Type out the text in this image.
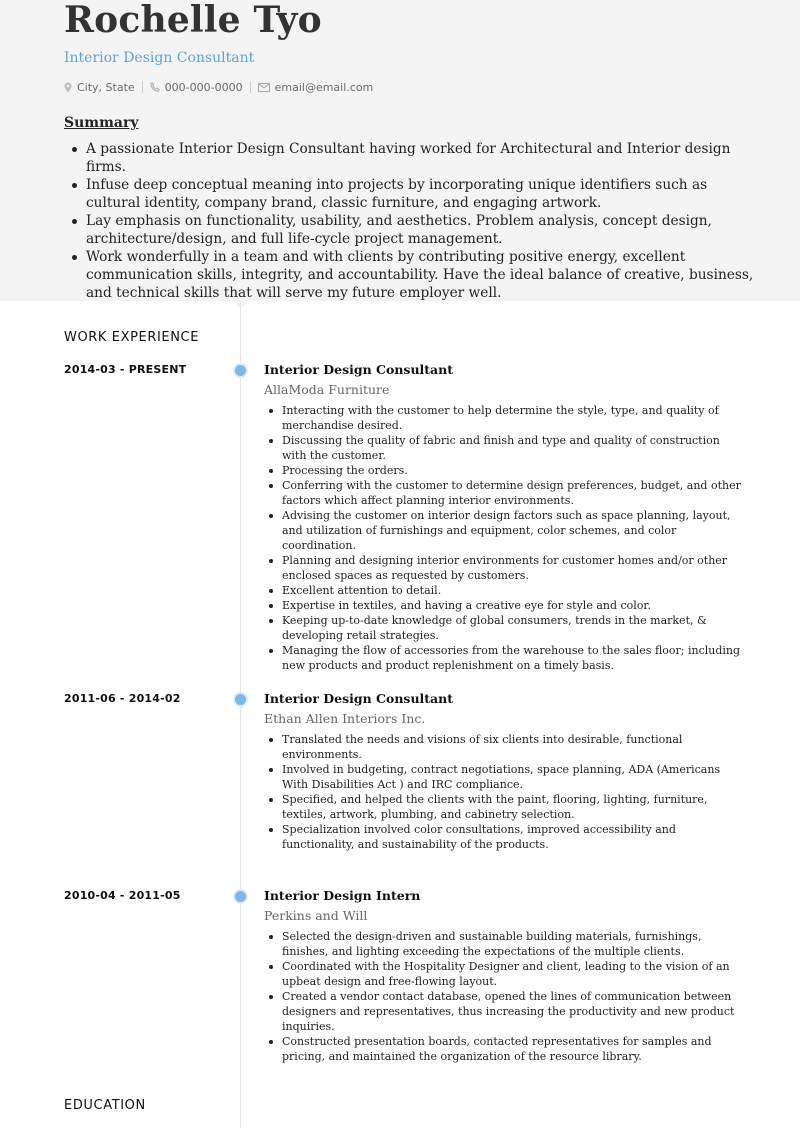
Rochelle Tyo
Interior Design Consultant
City, State	000-000-0000	email@email.com
Summary
A passionate Interior Design Consultant having worked for Architectural and Interior design firms.
Infuse deep conceptual meaning into projects by incorporating unique identifiers such as cultural identity, company brand, classic furniture, and engaging artwork.
Lay emphasis on functionality, usability, and aesthetics. Problem analysis, concept design, architecture/design, and full life-cycle project management.
Work wonderfully in a team and with clients by contributing positive energy, excellent communication skills, integrity, and accountability. Have the ideal balance of creative, business, and technical skills that will serve my future employer well.
WORK EXPERIENCE
2014-03 - PRESENT	Interior Design Consultant
AllaModa Furniture
Interacting with the customer to help determine the style, type, and quality of merchandise desired.
Discussing the quality of fabric and finish and type and quality of construction with the customer.
Processing the orders.
Conferring with the customer to determine design preferences, budget, and other factors which affect planning interior environments.
Advising the customer on interior design factors such as space planning, layout, and utilization of furnishings and equipment, color schemes, and color coordination.
Planning and designing interior environments for customer homes and/or other enclosed spaces as requested by customers.
Excellent attention to detail.
Expertise in textiles, and having a creative eye for style and color.
Keeping up-to-date knowledge of global consumers, trends in the market, & developing retail strategies.
Managing the flow of accessories from the warehouse to the sales floor; including new products and product replenishment on a timely basis.
2011-06 - 2014-02	Interior Design Consultant
Ethan Allen Interiors Inc.
Translated the needs and visions of six clients into desirable, functional environments.
Involved in budgeting, contract negotiations, space planning, ADA (Americans With Disabilities Act ) and IRC compliance.
Specified, and helped the clients with the paint, flooring, lighting, furniture, textiles, artwork, plumbing, and cabinetry selection.
Specialization involved color consultations, improved accessibility and functionality, and sustainability of the products.
2010-04 - 2011-05	Interior Design Intern
Perkins and Will
Selected the design-driven and sustainable building materials, furnishings, finishes, and lighting exceeding the expectations of the multiple clients.
Coordinated with the Hospitality Designer and client, leading to the vision of an upbeat design and free-flowing layout.
Created a vendor contact database, opened the lines of communication between designers and representatives, thus increasing the productivity and new product inquiries.
Constructed presentation boards, contacted representatives for samples and pricing, and maintained the organization of the resource library.
EDUCATION
